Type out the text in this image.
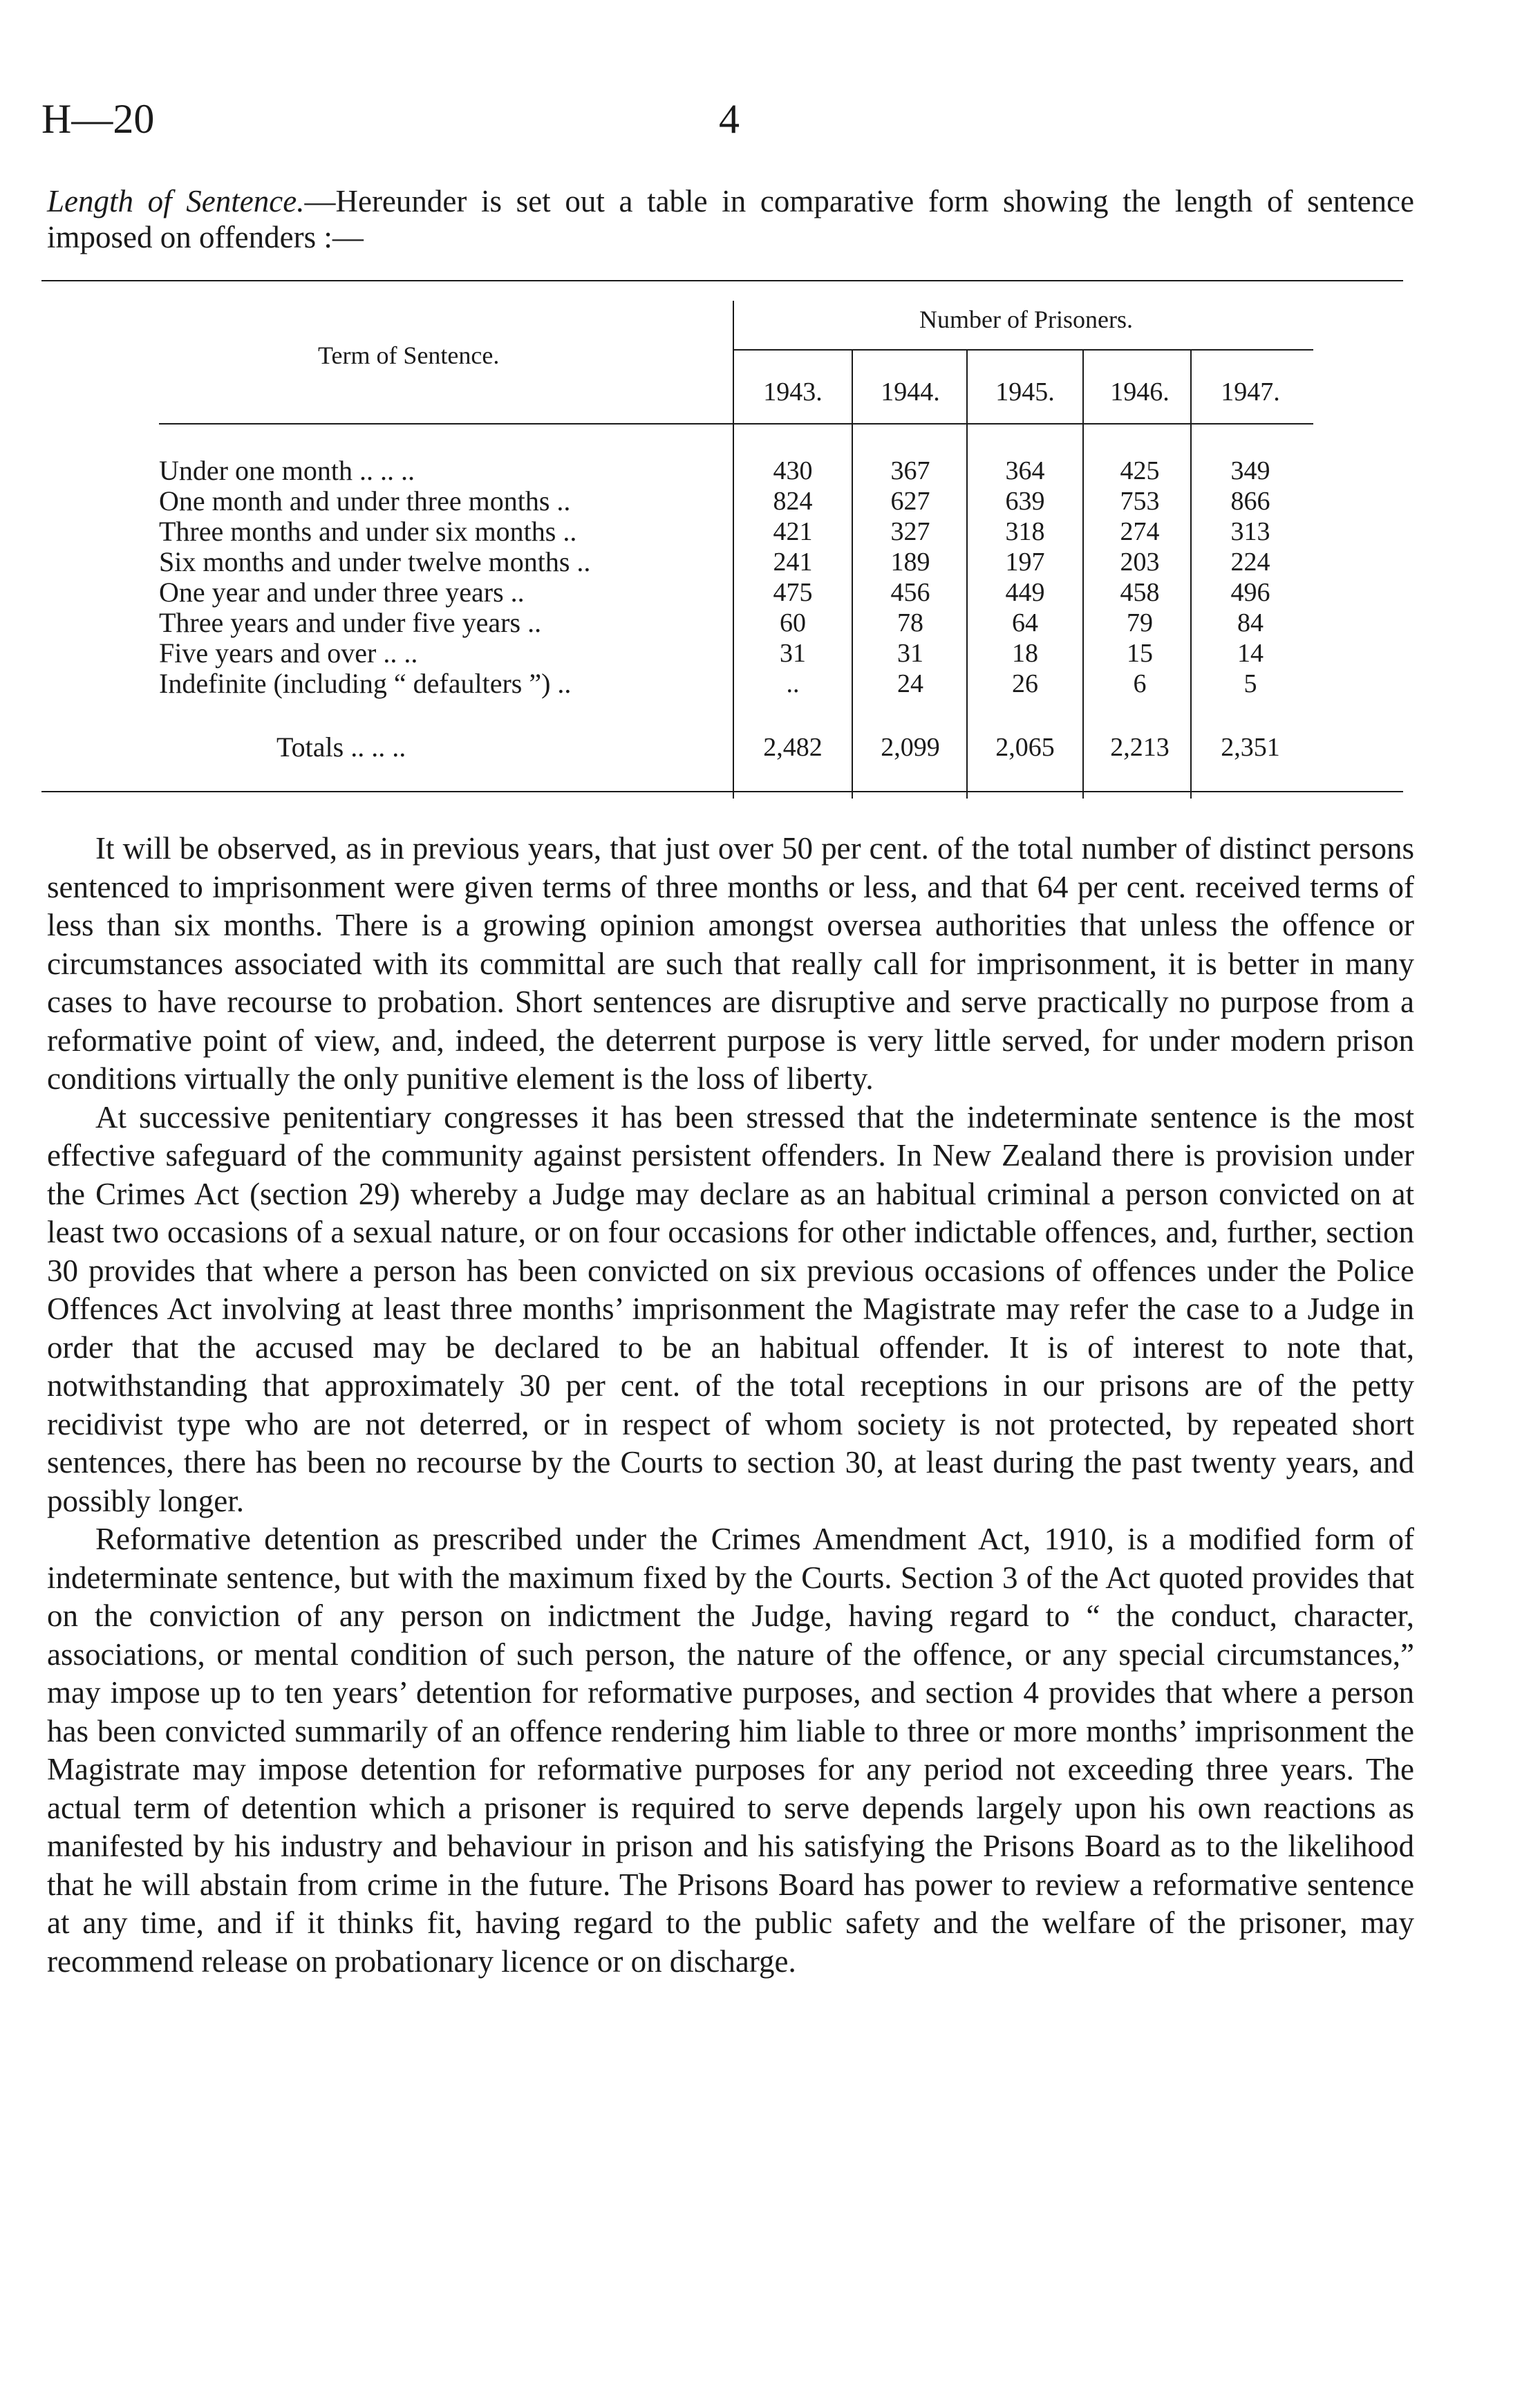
H—20	4
Length of Sentence.—Hereunder is set out a table in comparative form showing the length of sentence imposed on offenders :—
Term of Sentence.
Number of Prisoners.
1943.	1944.	1945.	1946.	1947.
Under one month .. .. ..	430	367	364	425	349
One month and under three months ..	824	627	639	753	866
Three months and under six months ..	421	327	318	274	313
Six months and under twelve months ..	241	189	197	203	224
One year and under three years ..	475	456	449	458	496
Three years and under five years ..	60	78	64	79	84
Five years and over .. ..	31	31	18	15	14
Indefinite (including “ defaulters ”) ..	..	24	26	6	5
Totals .. .. ..	2,482	2,099	2,065	2,213	2,351

It will be observed, as in previous years, that just over 50 per cent. of the total number of distinct persons sentenced to imprisonment were given terms of three months or less, and that 64 per cent. received terms of less than six months. There is a growing opinion amongst oversea authorities that unless the offence or circumstances associated with its committal are such that really call for imprisonment, it is better in many cases to have recourse to probation. Short sentences are disruptive and serve practically no purpose from a reformative point of view, and, indeed, the deterrent purpose is very little served, for under modern prison conditions virtually the only punitive element is the loss of liberty.

At successive penitentiary congresses it has been stressed that the indeterminate sentence is the most effective safeguard of the community against persistent offenders. In New Zealand there is provision under the Crimes Act (section 29) whereby a Judge may declare as an habitual criminal a person convicted on at least two occasions of a sexual nature, or on four occasions for other indictable offences, and, further, section 30 provides that where a person has been convicted on six previous occasions of offences under the Police Offences Act involving at least three months’ imprisonment the Magistrate may refer the case to a Judge in order that the accused may be declared to be an habitual offender. It is of interest to note that, notwithstanding that approximately 30 per cent. of the total receptions in our prisons are of the petty recidivist type who are not deterred, or in respect of whom society is not protected, by repeated short sentences, there has been no recourse by the Courts to section 30, at least during the past twenty years, and possibly longer.

Reformative detention as prescribed under the Crimes Amendment Act, 1910, is a modified form of indeterminate sentence, but with the maximum fixed by the Courts. Section 3 of the Act quoted provides that on the conviction of any person on indictment the Judge, having regard to “ the conduct, character, associations, or mental condition of such person, the nature of the offence, or any special circumstances,” may impose up to ten years’ detention for reformative purposes, and section 4 provides that where a person has been convicted summarily of an offence rendering him liable to three or more months’ imprisonment the Magistrate may impose detention for reformative purposes for any period not exceeding three years. The actual term of detention which a prisoner is required to serve depends largely upon his own reactions as manifested by his industry and behaviour in prison and his satisfying the Prisons Board as to the likelihood that he will abstain from crime in the future. The Prisons Board has power to review a reformative sentence at any time, and if it thinks fit, having regard to the public safety and the welfare of the prisoner, may recommend release on probationary licence or on discharge.
